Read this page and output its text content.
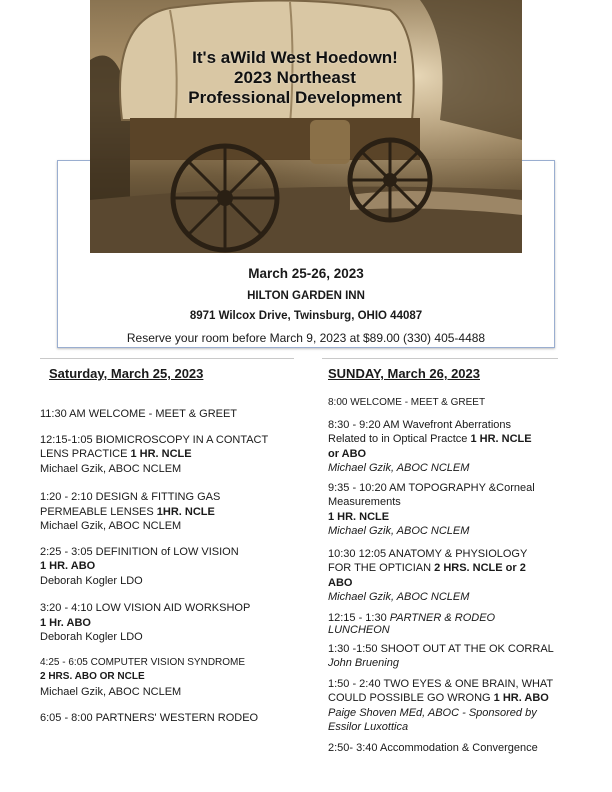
It's aWild West Hoedown!
2023 Northeast
Professional Development
March 25-26, 2023
HILTON GARDEN INN
8971 Wilcox Drive, Twinsburg, OHIO 44087
Reserve your room before March 9, 2023 at $89.00 (330) 405-4488
Saturday, March 25, 2023	SUNDAY, March 26, 2023
11:30 AM WELCOME - MEET & GREET
12:15-1:05 BIOMICROSCOPY IN A CONTACT
LENS PRACTICE 1 HR. NCLE
Michael Gzik, ABOC NCLEM
1:20 - 2:10 DESIGN & FITTING GAS
PERMEABLE LENSES 1HR. NCLE
Michael Gzik, ABOC NCLEM
2:25 - 3:05 DEFINITION of LOW VISION
1 HR. ABO
Deborah Kogler LDO
3:20 - 4:10 LOW VISION AID WORKSHOP
1 Hr. ABO
Deborah Kogler LDO
4:25 - 6:05 COMPUTER VISION SYNDROME
2 HRS. ABO OR NCLE
Michael Gzik, ABOC NCLEM
6:05 - 8:00 PARTNERS' WESTERN RODEO
8:00 WELCOME - MEET & GREET
8:30 - 9:20 AM Wavefront Aberrations
Related to in Optical Practce 1 HR. NCLE
or ABO
Michael Gzik, ABOC NCLEM
9:35 - 10:20 AM TOPOGRAPHY &Corneal
Measurements
1 HR. NCLE
Michael Gzik, ABOC NCLEM
10:30 12:05 ANATOMY & PHYSIOLOGY
FOR THE OPTICIAN 2 HRS. NCLE or 2
ABO
Michael Gzik, ABOC NCLEM
12:15 - 1:30 PARTNER & RODEO
LUNCHEON
1:30 -1:50 SHOOT OUT AT THE OK CORRAL
John Bruening
1:50 - 2:40 TWO EYES & ONE BRAIN, WHAT
COULD POSSIBLE GO WRONG 1 HR. ABO
Paige Shoven MEd, ABOC - Sponsored by
Essilor Luxottica
2:50- 3:40 Accommodation & Convergence
